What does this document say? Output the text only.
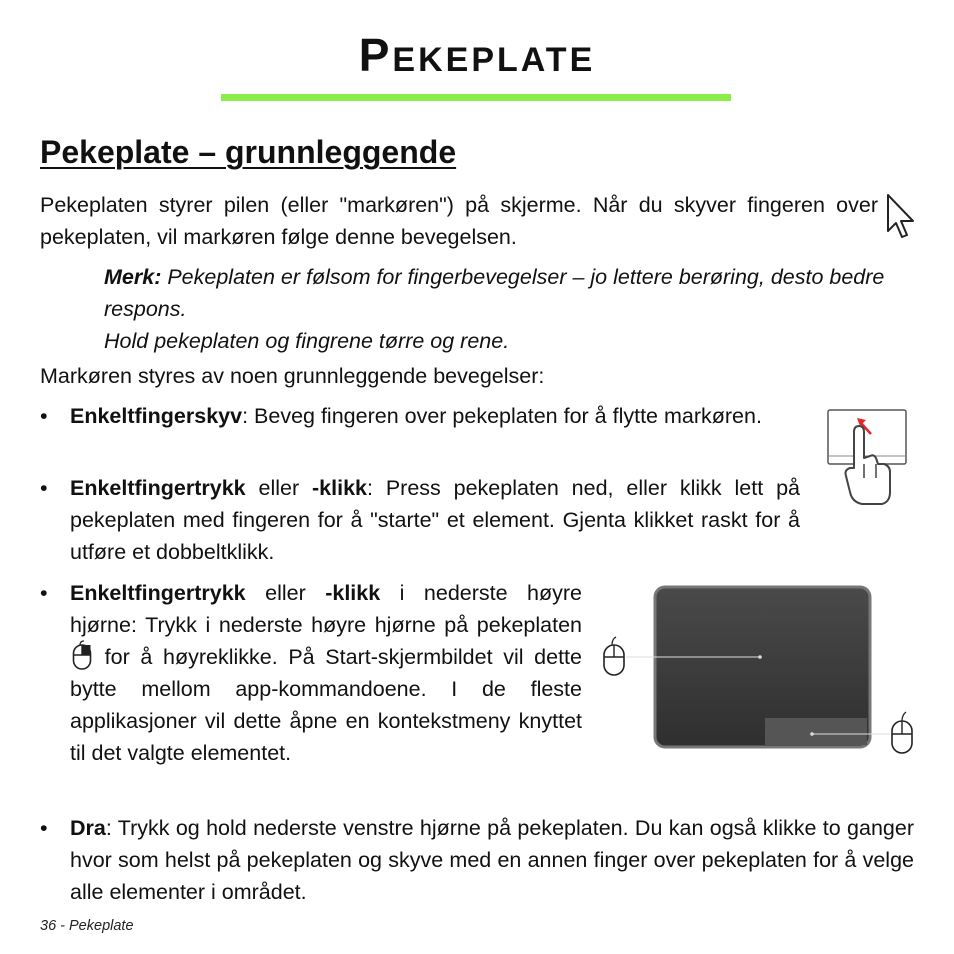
PEKEPLATE
Pekeplate – grunnleggende

Pekeplaten styrer pilen (eller "markøren") på skjerme. Når du skyver fingeren over pekeplaten, vil markøren følge denne bevegelsen.

Merk: Pekeplaten er følsom for fingerbevegelser – jo lettere berøring, desto bedre respons.
Hold pekeplaten og fingrene tørre og rene.

Markøren styres av noen grunnleggende bevegelser:

• Enkeltfingerskyv: Beveg fingeren over pekeplaten for å flytte markøren.
• Enkeltfingertrykk eller -klikk: Press pekeplaten ned, eller klikk lett på pekeplaten med fingeren for å "starte" et element. Gjenta klikket raskt for å utføre et dobbeltklikk.
• Enkeltfingertrykk eller -klikk i nederste høyre hjørne: Trykk i nederste høyre hjørne på pekeplaten  for å høyreklikke. På Start-skjermbildet vil dette bytte mellom app-kommandoene. I de fleste applikasjoner vil dette åpne en kontekstmeny knyttet til det valgte elementet.
• Dra: Trykk og hold nederste venstre hjørne på pekeplaten. Du kan også klikke to ganger hvor som helst på pekeplaten og skyve med en annen finger over pekeplaten for å velge alle elementer i området.
36 - Pekeplate
